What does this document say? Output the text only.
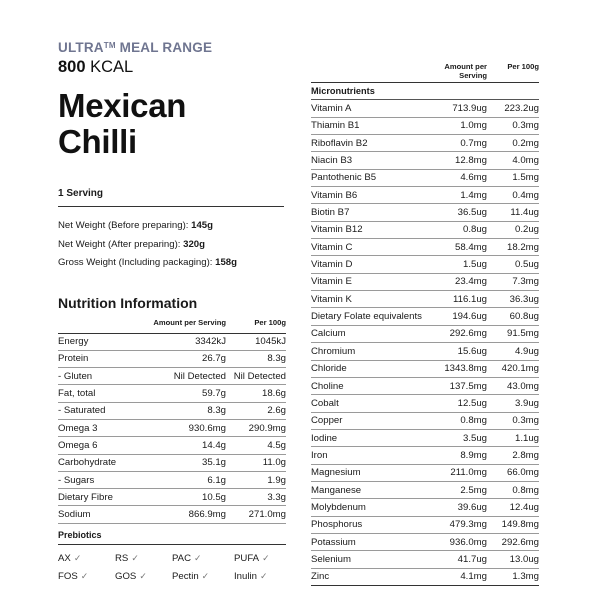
ULTRA™ MEAL RANGE
800 KCAL
Mexican
Chilli
1 Serving
Net Weight (Before preparing): 145g
Net Weight (After preparing): 320g
Gross Weight (Including packaging): 158g
Nutrition Information
	Amount per Serving	Per 100g
Energy	3342kJ	1045kJ
Protein	26.7g	8.3g
- Gluten	Nil Detected	Nil Detected
Fat, total	59.7g	18.6g
- Saturated	8.3g	2.6g
Omega 3	930.6mg	290.9mg
Omega 6	14.4g	4.5g
Carbohydrate	35.1g	11.0g
- Sugars	6.1g	1.9g
Dietary Fibre	10.5g	3.3g
Sodium	866.9mg	271.0mg
Prebiotics
AX ✓	RS ✓	PAC ✓	PUFA ✓
FOS ✓	GOS ✓	Pectin ✓	Inulin ✓
	Amount per Serving	Per 100g
Micronutrients		
Vitamin A	713.9ug	223.2ug
Thiamin B1	1.0mg	0.3mg
Riboflavin B2	0.7mg	0.2mg
Niacin B3	12.8mg	4.0mg
Pantothenic B5	4.6mg	1.5mg
Vitamin B6	1.4mg	0.4mg
Biotin B7	36.5ug	11.4ug
Vitamin B12	0.8ug	0.2ug
Vitamin C	58.4mg	18.2mg
Vitamin D	1.5ug	0.5ug
Vitamin E	23.4mg	7.3mg
Vitamin K	116.1ug	36.3ug
Dietary Folate equivalents	194.6ug	60.8ug
Calcium	292.6mg	91.5mg
Chromium	15.6ug	4.9ug
Chloride	1343.8mg	420.1mg
Choline	137.5mg	43.0mg
Cobalt	12.5ug	3.9ug
Copper	0.8mg	0.3mg
Iodine	3.5ug	1.1ug
Iron	8.9mg	2.8mg
Magnesium	211.0mg	66.0mg
Manganese	2.5mg	0.8mg
Molybdenum	39.6ug	12.4ug
Phosphorus	479.3mg	149.8mg
Potassium	936.0mg	292.6mg
Selenium	41.7ug	13.0ug
Zinc	4.1mg	1.3mg
